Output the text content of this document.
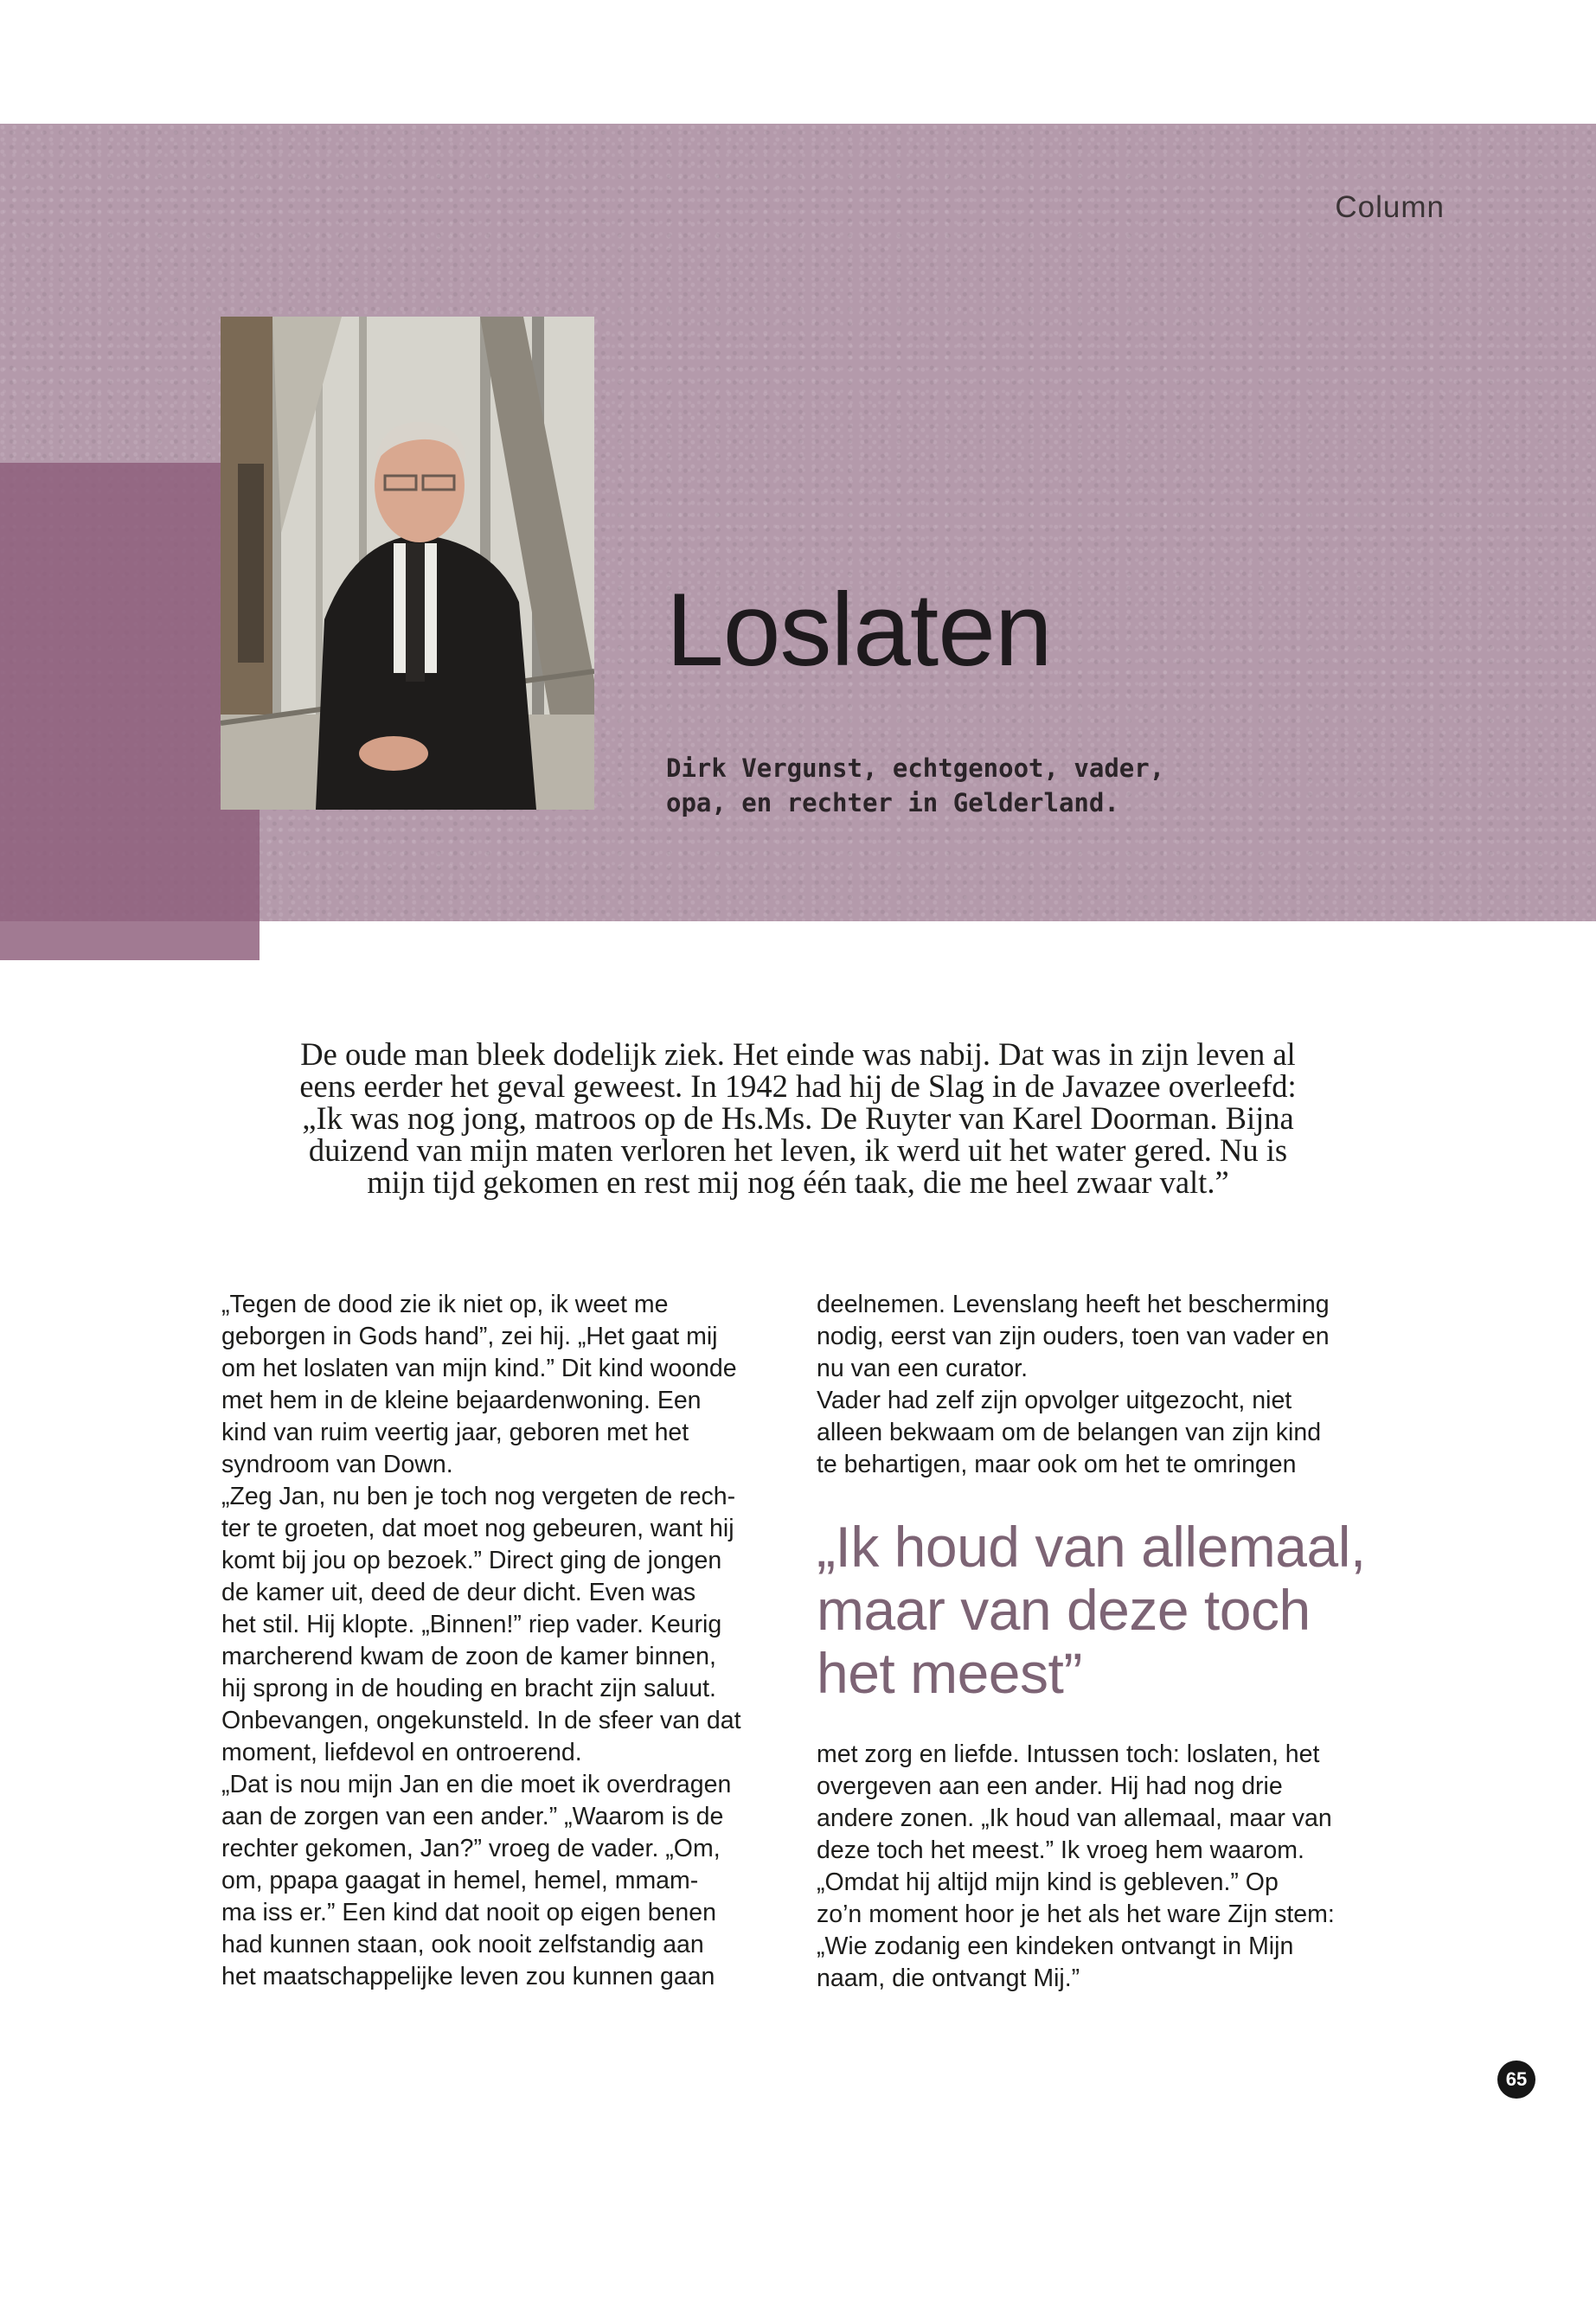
Column
Loslaten
Dirk Vergunst, echtgenoot, vader,
opa, en rechter in Gelderland.
De oude man bleek dodelijk ziek. Het einde was nabij. Dat was in zijn leven al
eens eerder het geval geweest. In 1942 had hij de Slag in de Javazee overleefd:
„Ik was nog jong, matroos op de Hs.Ms. De Ruyter van Karel Doorman. Bijna
duizend van mijn maten verloren het leven, ik werd uit het water gered. Nu is
mijn tijd gekomen en rest mij nog één taak, die me heel zwaar valt.”
„Tegen de dood zie ik niet op, ik weet me
geborgen in Gods hand”, zei hij. „Het gaat mij
om het loslaten van mijn kind.” Dit kind woonde
met hem in de kleine bejaardenwoning. Een
kind van ruim veertig jaar, geboren met het
syndroom van Down.
„Zeg Jan, nu ben je toch nog vergeten de rech-
ter te groeten, dat moet nog gebeuren, want hij
komt bij jou op bezoek.” Direct ging de jongen
de kamer uit, deed de deur dicht. Even was
het stil. Hij klopte. „Binnen!” riep vader. Keurig
marcherend kwam de zoon de kamer binnen,
hij sprong in de houding en bracht zijn saluut.
Onbevangen, ongekunsteld. In de sfeer van dat
moment, liefdevol en ontroerend.
„Dat is nou mijn Jan en die moet ik overdragen
aan de zorgen van een ander.” „Waarom is de
rechter gekomen, Jan?” vroeg de vader. „Om,
om, ppapa gaagat in hemel, hemel, mmam-
ma iss er.” Een kind dat nooit op eigen benen
had kunnen staan, ook nooit zelfstandig aan
het maatschappelijke leven zou kunnen gaan
deelnemen. Levenslang heeft het bescherming
nodig, eerst van zijn ouders, toen van vader en
nu van een curator.
Vader had zelf zijn opvolger uitgezocht, niet
alleen bekwaam om de belangen van zijn kind
te behartigen, maar ook om het te omringen
„Ik houd van allemaal,
maar van deze toch
het meest”
met zorg en liefde. Intussen toch: loslaten, het
overgeven aan een ander. Hij had nog drie
andere zonen. „Ik houd van allemaal, maar van
deze toch het meest.” Ik vroeg hem waarom.
„Omdat hij altijd mijn kind is gebleven.” Op
zo’n moment hoor je het als het ware Zijn stem:
„Wie zodanig een kindeken ontvangt in Mijn
naam, die ontvangt Mij.”
65
